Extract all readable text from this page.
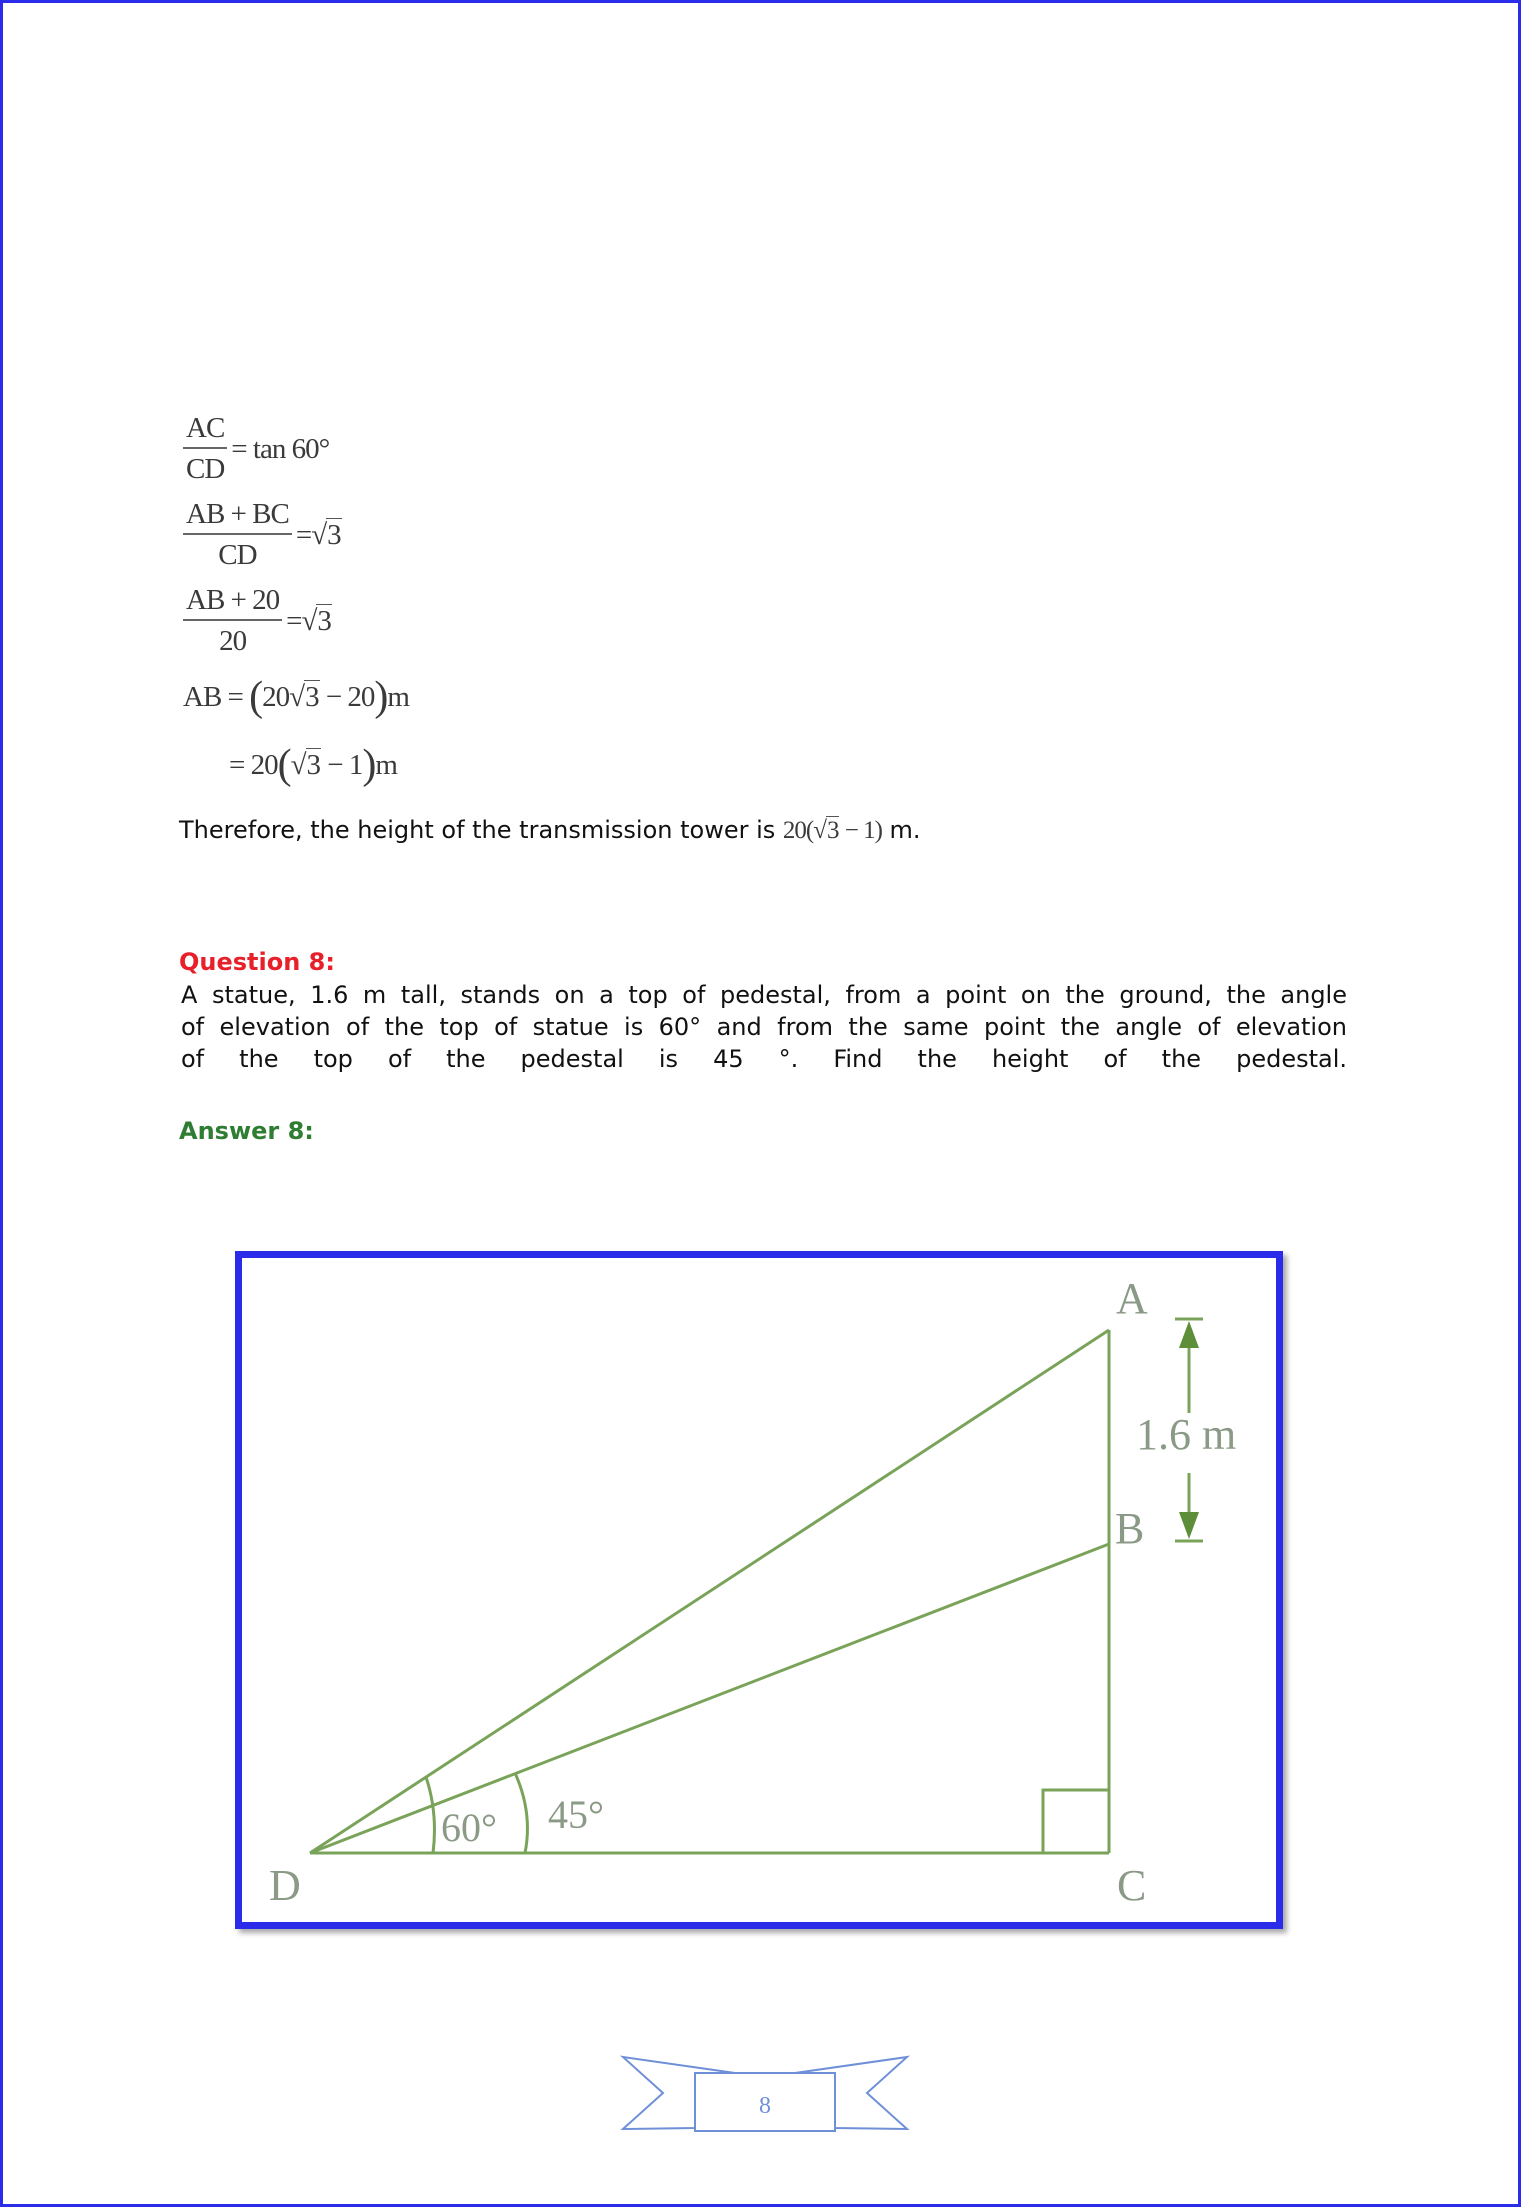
$\frac{AC}{CD} = \tan 60^\circ$
$\frac{AB + BC}{CD} = √3$
$\frac{AB + 20}{20} = √3$
AB = (20√3 − 20)m
= 20(√3 − 1)m
Therefore, the height of the transmission tower is 20(√3 − 1) m.
Question 8:
A statue, 1.6 m tall, stands on a top of pedestal, from a point on the ground, the angle
of elevation of the top of statue is 60° and from the same point the angle of elevation
of the top of the pedestal is 45 °. Find the height of the pedestal.
Answer 8:
A
B
C
D
1.6 m
60° 45°
8
